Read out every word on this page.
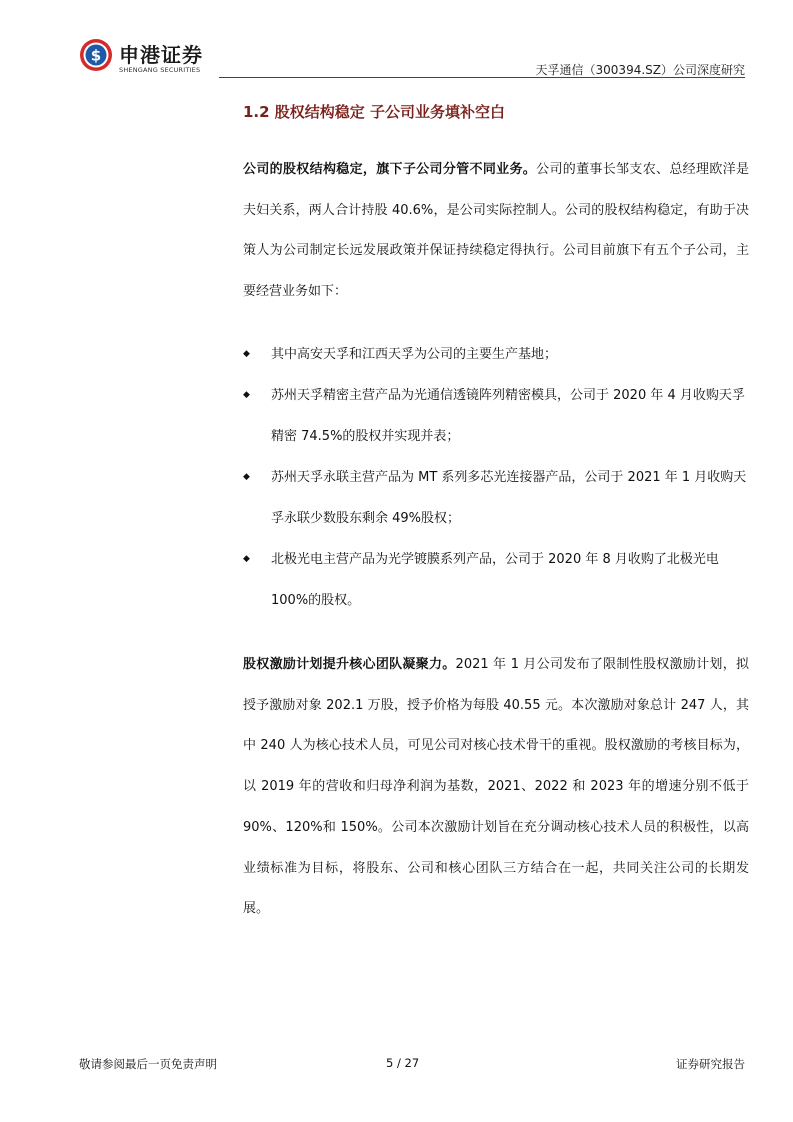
$ 申港证券
SHENGANG SECURITIES	天孚通信（300394.SZ）公司深度研究
1.2 股权结构稳定 子公司业务填补空白

公司的股权结构稳定，旗下子公司分管不同业务。公司的董事长邹支农、总经理欧洋是夫妇关系，两人合计持股 40.6%，是公司实际控制人。公司的股权结构稳定，有助于决策人为公司制定长远发展政策并保证持续稳定得执行。公司目前旗下有五个子公司，主要经营业务如下：

◆ 其中高安天孚和江西天孚为公司的主要生产基地；
◆ 苏州天孚精密主营产品为光通信透镜阵列精密模具，公司于 2020 年 4 月收购天孚精密 74.5%的股权并实现并表；
◆ 苏州天孚永联主营产品为 MT 系列多芯光连接器产品，公司于 2021 年 1 月收购天孚永联少数股东剩余 49%股权；
◆ 北极光电主营产品为光学镀膜系列产品，公司于 2020 年 8 月收购了北极光电 100%的股权。

股权激励计划提升核心团队凝聚力。2021 年 1 月公司发布了限制性股权激励计划，拟授予激励对象 202.1 万股，授予价格为每股 40.55 元。本次激励对象总计 247 人，其中 240 人为核心技术人员，可见公司对核心技术骨干的重视。股权激励的考核目标为，以 2019 年的营收和归母净利润为基数，2021、2022 和 2023 年的增速分别不低于 90%、120%和 150%。公司本次激励计划旨在充分调动核心技术人员的积极性，以高业绩标准为目标，将股东、公司和核心团队三方结合在一起，共同关注公司的长期发展。

敬请参阅最后一页免责声明	5 / 27	证券研究报告
